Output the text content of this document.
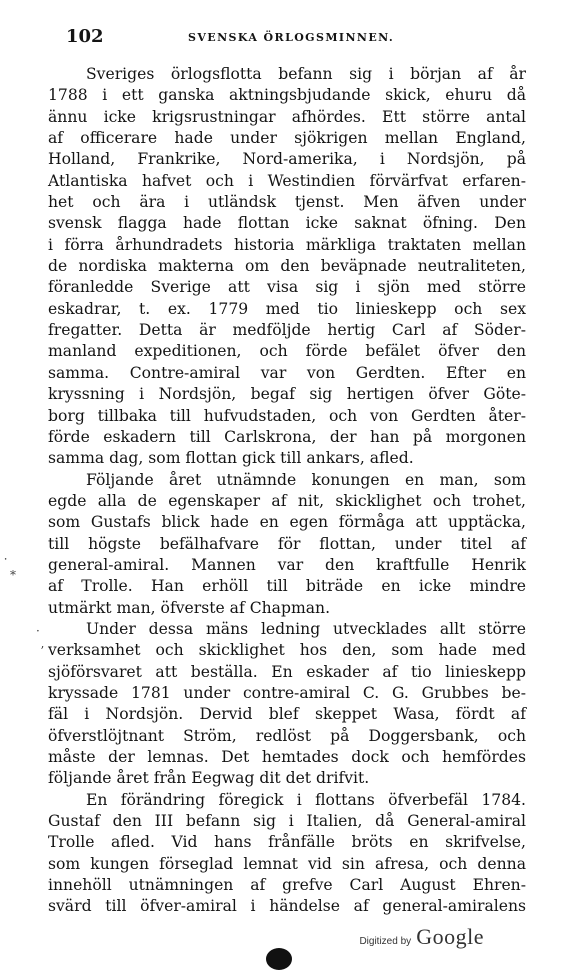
102	SVENSKA ÖRLOGSMINNEN.
Sveriges örlogsflotta befann sig i början af år
1788 i ett ganska aktningsbjudande skick, ehuru då
ännu icke krigsrustningar afhördes. Ett större antal
af officerare hade under sjökrigen mellan England,
Holland, Frankrike, Nord-amerika, i Nordsjön, på
Atlantiska hafvet och i Westindien förvärfvat erfaren-
het och ära i utländsk tjenst. Men äfven under
svensk flagga hade flottan icke saknat öfning. Den
i förra århundradets historia märkliga traktaten mellan
de nordiska makterna om den beväpnade neutraliteten,
föranledde Sverige att visa sig i sjön med större
eskadrar, t. ex. 1779 med tio linieskepp och sex
fregatter. Detta är medföljde hertig Carl af Söder-
manland expeditionen, och förde befälet öfver den
samma. Contre-amiral var von Gerdten. Efter en
kryssning i Nordsjön, begaf sig hertigen öfver Göte-
borg tillbaka till hufvudstaden, och von Gerdten åter-
förde eskadern till Carlskrona, der han på morgonen
samma dag, som flottan gick till ankars, afled.
Följande året utnämnde konungen en man, som
egde alla de egenskaper af nit, skicklighet och trohet,
som Gustafs blick hade en egen förmåga att upptäcka,
till högste befälhafvare för flottan, under titel af
general-amiral. Mannen var den kraftfulle Henrik
af Trolle. Han erhöll till biträde en icke mindre
utmärkt man, öfverste af Chapman.
Under dessa mäns ledning utvecklades allt större
verksamhet och skicklighet hos den, som hade med
sjöförsvaret att beställa. En eskader af tio linieskepp
kryssade 1781 under contre-amiral C. G. Grubbes be-
fäl i Nordsjön. Dervid blef skeppet Wasa, fördt af
öfverstlöjtnant Ström, redlöst på Doggersbank, och
måste der lemnas. Det hemtades dock och hemfördes
följande året från Eegwag dit det drifvit.
En förändring föregick i flottans öfverbefäl 1784.
Gustaf den III befann sig i Italien, då General-amiral
Trolle afled. Vid hans frånfälle bröts en skrifvelse,
som kungen förseglad lemnat vid sin afresa, och denna
innehöll utnämningen af grefve Carl August Ehren-
svärd till öfver-amiral i händelse af general-amiralens
⸱
⁎
·
ʼ
Digitized by Google
